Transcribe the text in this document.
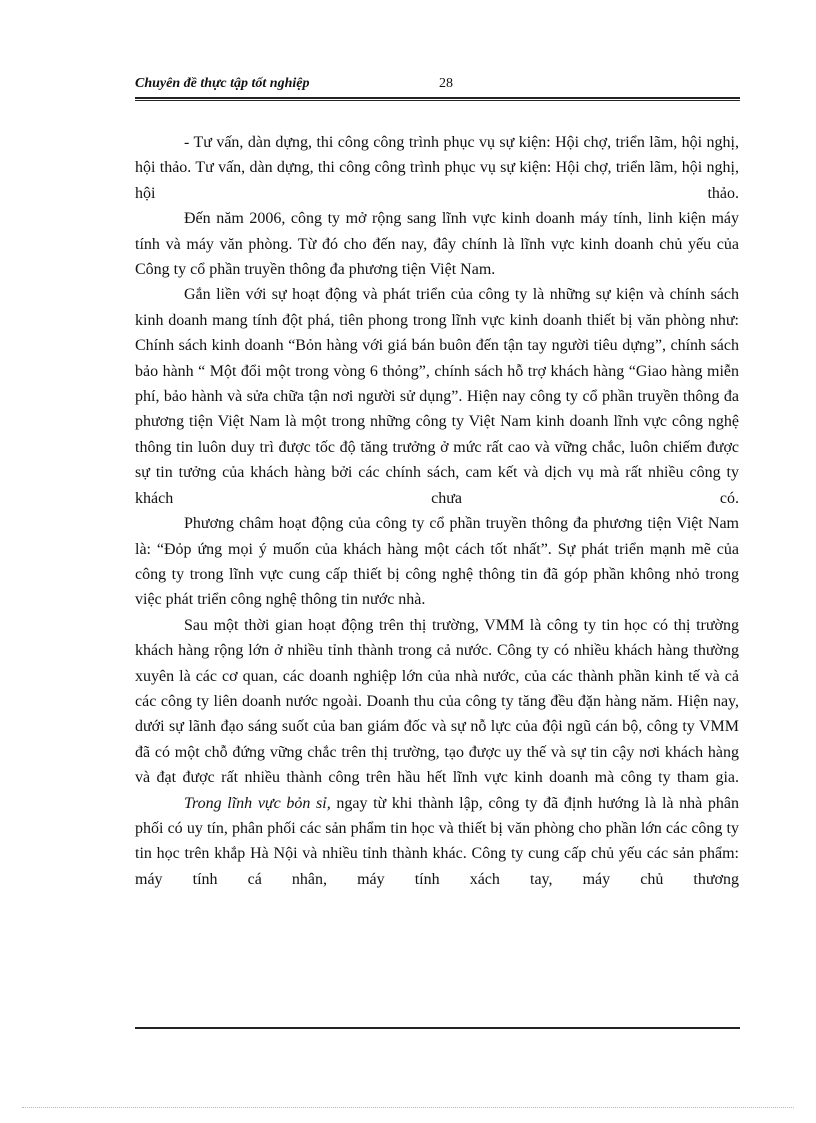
Chuyên đề thực tập tốt nghiệp	28

- Tư vấn, dàn dựng, thi công công trình phục vụ sự kiện: Hội chợ, triển lãm, hội nghị, hội thảo. Tư vấn, dàn dựng, thi công công trình phục vụ sự kiện: Hội chợ, triển lãm, hội nghị, hội thảo.

Đến năm 2006, công ty mở rộng sang lĩnh vực kinh doanh máy tính, linh kiện máy tính và máy văn phòng. Từ đó cho đến nay, đây chính là lĩnh vực kinh doanh chủ yếu của Công ty cổ phần truyền thông đa phương tiện Việt Nam.

Gắn liền với sự hoạt động và phát triển của công ty là những sự kiện và chính sách kinh doanh mang tính đột phá, tiên phong trong lĩnh vực kinh doanh thiết bị văn phòng như: Chính sách kinh doanh “Bỏn hàng với giá bán buôn đến tận tay người tiêu dựng”, chính sách bảo hành “ Một đổi một trong vòng 6 thỏng”, chính sách hỗ trợ khách hàng “Giao hàng miễn phí, bảo hành và sửa chữa tận nơi người sử dụng”. Hiện nay công ty cổ phần truyền thông đa phương tiện Việt Nam là một trong những công ty Việt Nam kinh doanh lĩnh vực công nghệ thông tin luôn duy trì được tốc độ tăng trưởng ở mức rất cao và vững chắc, luôn chiếm được sự tin tưởng của khách hàng bởi các chính sách, cam kết và dịch vụ mà rất nhiều công ty khách chưa có.

Phương châm hoạt động của công ty cổ phần truyền thông đa phương tiện Việt Nam là: “Đỏp ứng mọi ý muốn của khách hàng một cách tốt nhất”. Sự phát triển mạnh mẽ của công ty trong lĩnh vực cung cấp thiết bị công nghệ thông tin đã góp phần không nhỏ trong việc phát triển công nghệ thông tin nước nhà.

Sau một thời gian hoạt động trên thị trường, VMM là công ty tin học có thị trường khách hàng rộng lớn ở nhiều tỉnh thành trong cả nước. Công ty có nhiều khách hàng thường xuyên là các cơ quan, các doanh nghiệp lớn của nhà nước, của các thành phần kinh tế và cả các công ty liên doanh nước ngoài. Doanh thu của công ty tăng đều đặn hàng năm. Hiện nay, dưới sự lãnh đạo sáng suốt của ban giám đốc và sự nỗ lực của đội ngũ cán bộ, công ty VMM đã có một chỗ đứng vững chắc trên thị trường, tạo được uy thế và sự tin cậy nơi khách hàng và đạt được rất nhiều thành công trên hầu hết lĩnh vực kinh doanh mà công ty tham gia.

Trong lĩnh vực bỏn sỉ, ngay từ khi thành lập, công ty đã định hướng là là nhà phân phối có uy tín, phân phối các sản phẩm tin học và thiết bị văn phòng cho phần lớn các công ty tin học trên khắp Hà Nội và nhiều tỉnh thành khác. Công ty cung cấp chủ yếu các sản phẩm: máy tính cá nhân, máy tính xách tay, máy chủ thương
